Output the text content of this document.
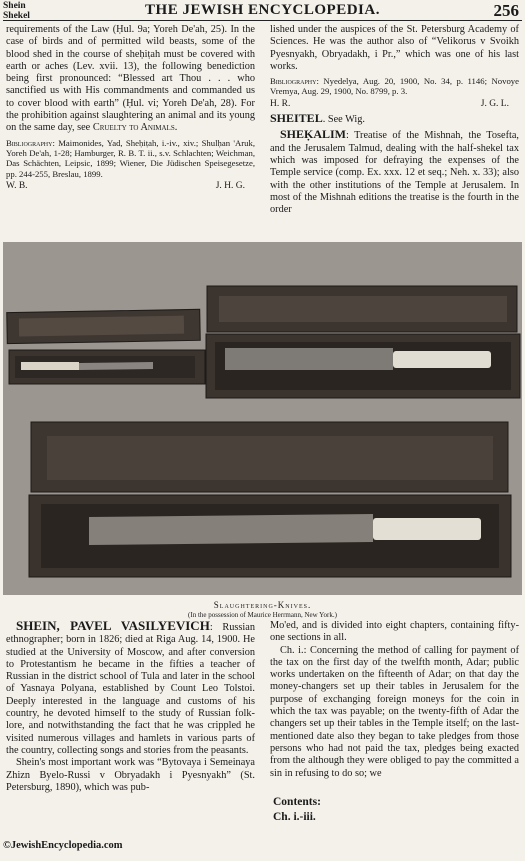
Shein
Shekel	THE JEWISH ENCYCLOPEDIA.	256

requirements of the Law (Ḥul. 9a; Yoreh De'ah, 25). In the case of birds and of permitted wild beasts, some of the blood shed in the course of sheḥiṭah must be covered with earth or aches (Lev. xvii. 13), the following benediction being first pronounced: “Blessed art Thou . . . who sanctified us with His commandments and commanded us to cover blood with earth” (Ḥul. vi; Yoreh De'ah, 28). For the prohibition against slaughtering an animal and its young on the same day, see Cruelty to Animals.

Bibliography: Maimonides, Yad, Sheḥiṭah, i.-iv., xiv.; Shulḥan 'Aruk, Yoreh De'ah, 1-28; Hamburger, R. B. T. ii., s.v. Schlachten; Weichman, Das Schächten, Leipsic, 1899; Wiener, Die Jüdischen Speisegesetze, pp. 244-255, Breslau, 1899.

W. B.	J. H. G.

lished under the auspices of the St. Petersburg Academy of Sciences. He was the author also of “Velikorus v Svoikh Pyesnyakh, Obryadakh, i Pr.,” which was one of his last works.

Bibliography: Nyedelya, Aug. 20, 1900, No. 34, p. 1146; Novoye Vremya, Aug. 29, 1900, No. 8799, p. 3.

H. R.	J. G. L.

SHEITEL. See Wig.

SHEḲALIM: Treatise of the Mishnah, the Tosefta, and the Jerusalem Talmud, dealing with the half-shekel tax which was imposed for defraying the expenses of the Temple service (comp. Ex. xxx. 12 et seq.; Neh. x. 33); also with the other institutions of the Temple at Jerusalem. In most of the Mishnah editions the treatise is the fourth in the order

Slaughtering-Knives.
(In the possession of Maurice Herrmann, New York.)

SHEIN, PAVEL VASILYEVICH: Russian ethnographer; born in 1826; died at Riga Aug. 14, 1900. He studied at the University of Moscow, and after conversion to Protestantism he became in the fifties a teacher of Russian in the district school of Tula and later in the school of Yasnaya Polyana, established by Count Leo Tolstoi. Deeply interested in the language and customs of his country, he devoted himself to the study of Russian folk-lore, and notwithstanding the fact that he was crippled he visited numerous villages and hamlets in various parts of the country, collecting songs and stories from the peasants.

Shein's most important work was “Bytovaya i Semeinaya Zhizn Byelo-Russi v Obryadakh i Pyesnyakh” (St. Petersburg, 1890), which was pub-

Mo'ed, and is divided into eight chapters, containing fifty-one sections in all.

Ch. i.: Concerning the method of calling for payment of the tax on the first day of the twelfth month, Adar; public works undertaken on the fifteenth of Adar; on that day the money-changers set up their tables in Jerusalem for the purpose of exchanging foreign moneys for the coin in which the tax was payable; on the twenty-fifth of Adar the changers set up their tables in the Temple itself; on the last-mentioned date also they began to take pledges from those persons who had not paid the tax, pledges being exacted from the although they were obliged to pay the committed a sin in refusing to do so; we

Contents:
Ch. i.-iii.
©JewishEncyclopedia.com
